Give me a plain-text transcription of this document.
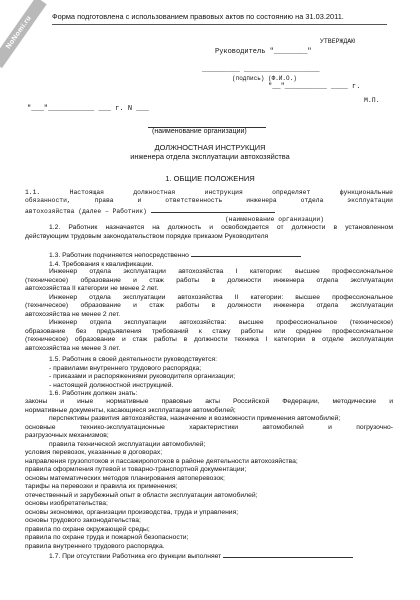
NoNomi.ru	Форма подготовлена с использованием правовых актов по состоянию на 31.03.2011.
УТВЕРЖДАЮ
Руководитель "________"
_________ __________________
(подпись) (Ф.И.О.)
"__"__________ ____ г.
М.П.
"___"___________ ___ г. N ___
(наименование организации)
ДОЛЖНОСТНАЯ ИНСТРУКЦИЯ
инженера отдела эксплуатации автохозяйства
1. ОБЩИЕ ПОЛОЖЕНИЯ

1.1. Настоящая должностная инструкция определяет функциональные

обязанности, права и ответственность инженера отдела эксплуатации

автохозяйства (далее – Работник)

(наименование организации)

1.2. Работник назначается на должность и освобождается от должности в установленном

действующим трудовым законодательством порядке приказом Руководителя

1.3. Работник подчиняется непосредственно

1.4. Требования к квалификации.

Инженер отдела эксплуатации автохозяйства I категории: высшее профессиональное

(техническое) образование и стаж работы в должности инженера отдела эксплуатации

автохозяйства II категории не менее 2 лет.

Инженер отдела эксплуатации автохозяйства II категории: высшее профессиональное

(техническое) образование и стаж работы в должности инженера отдела эксплуатации

автохозяйства не менее 2 лет.

Инженер отдела эксплуатации автохозяйства: высшее профессиональное (техническое)

образование без предъявления требований к стажу работы или среднее профессиональное

(техническое) образование и стаж работы в должности техника I категории в отделе эксплуатации

автохозяйства не менее 3 лет.

1.5. Работник в своей деятельности руководствуется:

- правилами внутреннего трудового распорядка;

- приказами и распоряжениями руководителя организации;

- настоящей должностной инструкцией.

1.6. Работник должен знать:

законы и иные нормативные правовые акты Российской Федерации, методические и

нормативные документы, касающиеся эксплуатации автомобилей;

перспективы развития автохозяйства, назначение и возможности применения автомобилей;

основные технико-эксплуатационные характеристики автомобилей и погрузочно-

разгрузочных механизмов;

правила технической эксплуатации автомобилей;

условия перевозок, указанные в договорах;

направления грузопотоков и пассажиропотоков в районе деятельности автохозяйства;

правила оформления путевой и товарно-транспортной документации;

основы математических методов планирования автоперевозок;

тарифы на перевозки и правила их применения;

отечественный и зарубежный опыт в области эксплуатации автомобилей;

основы изобретательства;

основы экономики, организации производства, труда и управления;

основы трудового законодательства;

правила по охране окружающей среды;

правила по охране труда и пожарной безопасности;

правила внутреннего трудового распорядка.

1.7. При отсутствии Работника его функции выполняет
